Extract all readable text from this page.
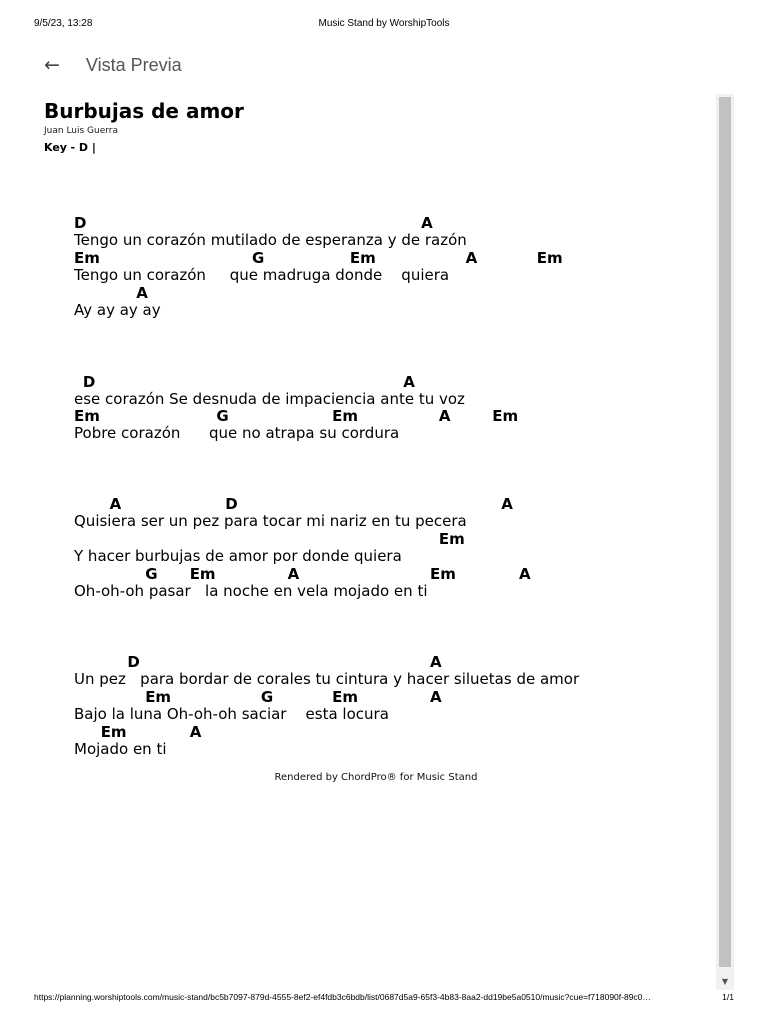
9/5/23, 13:28	Music Stand by WorshipTools
← Vista Previa
Burbujas de amor
Juan Luis Guerra
Key - D |
Tengo un corazón mutilado de esperanza y de razón
D	A
Tengo un corazón     que madruga donde    quiera
Em	G	Em	A	Em
Ay ay ay ay
A
ese corazón Se desnuda de impaciencia ante tu voz
D	A
Pobre corazón      que no atrapa su cordura
Em	G	Em	A	Em
Quisiera ser un pez para tocar mi nariz en tu pecera
A	D	A
Y hacer burbujas de amor por donde quiera
Em
Oh-oh-oh pasar   la noche en vela mojado en ti
G Em	A	Em	A
Un pez   para bordar de corales tu cintura y hacer siluetas de amor
D	A
Bajo la luna Oh-oh-oh saciar    esta locura
Em	G	Em	A
Mojado en ti
Em	A
Rendered by ChordPro® for Music Stand
▼
https://planning.worshiptools.com/music-stand/bc5b7097-879d-4555-8ef2-ef4fdb3c6bdb/list/0687d5a9-65f3-4b83-8aa2-dd19be5a0510/music?cue=f718090f-89c0…	1/1
